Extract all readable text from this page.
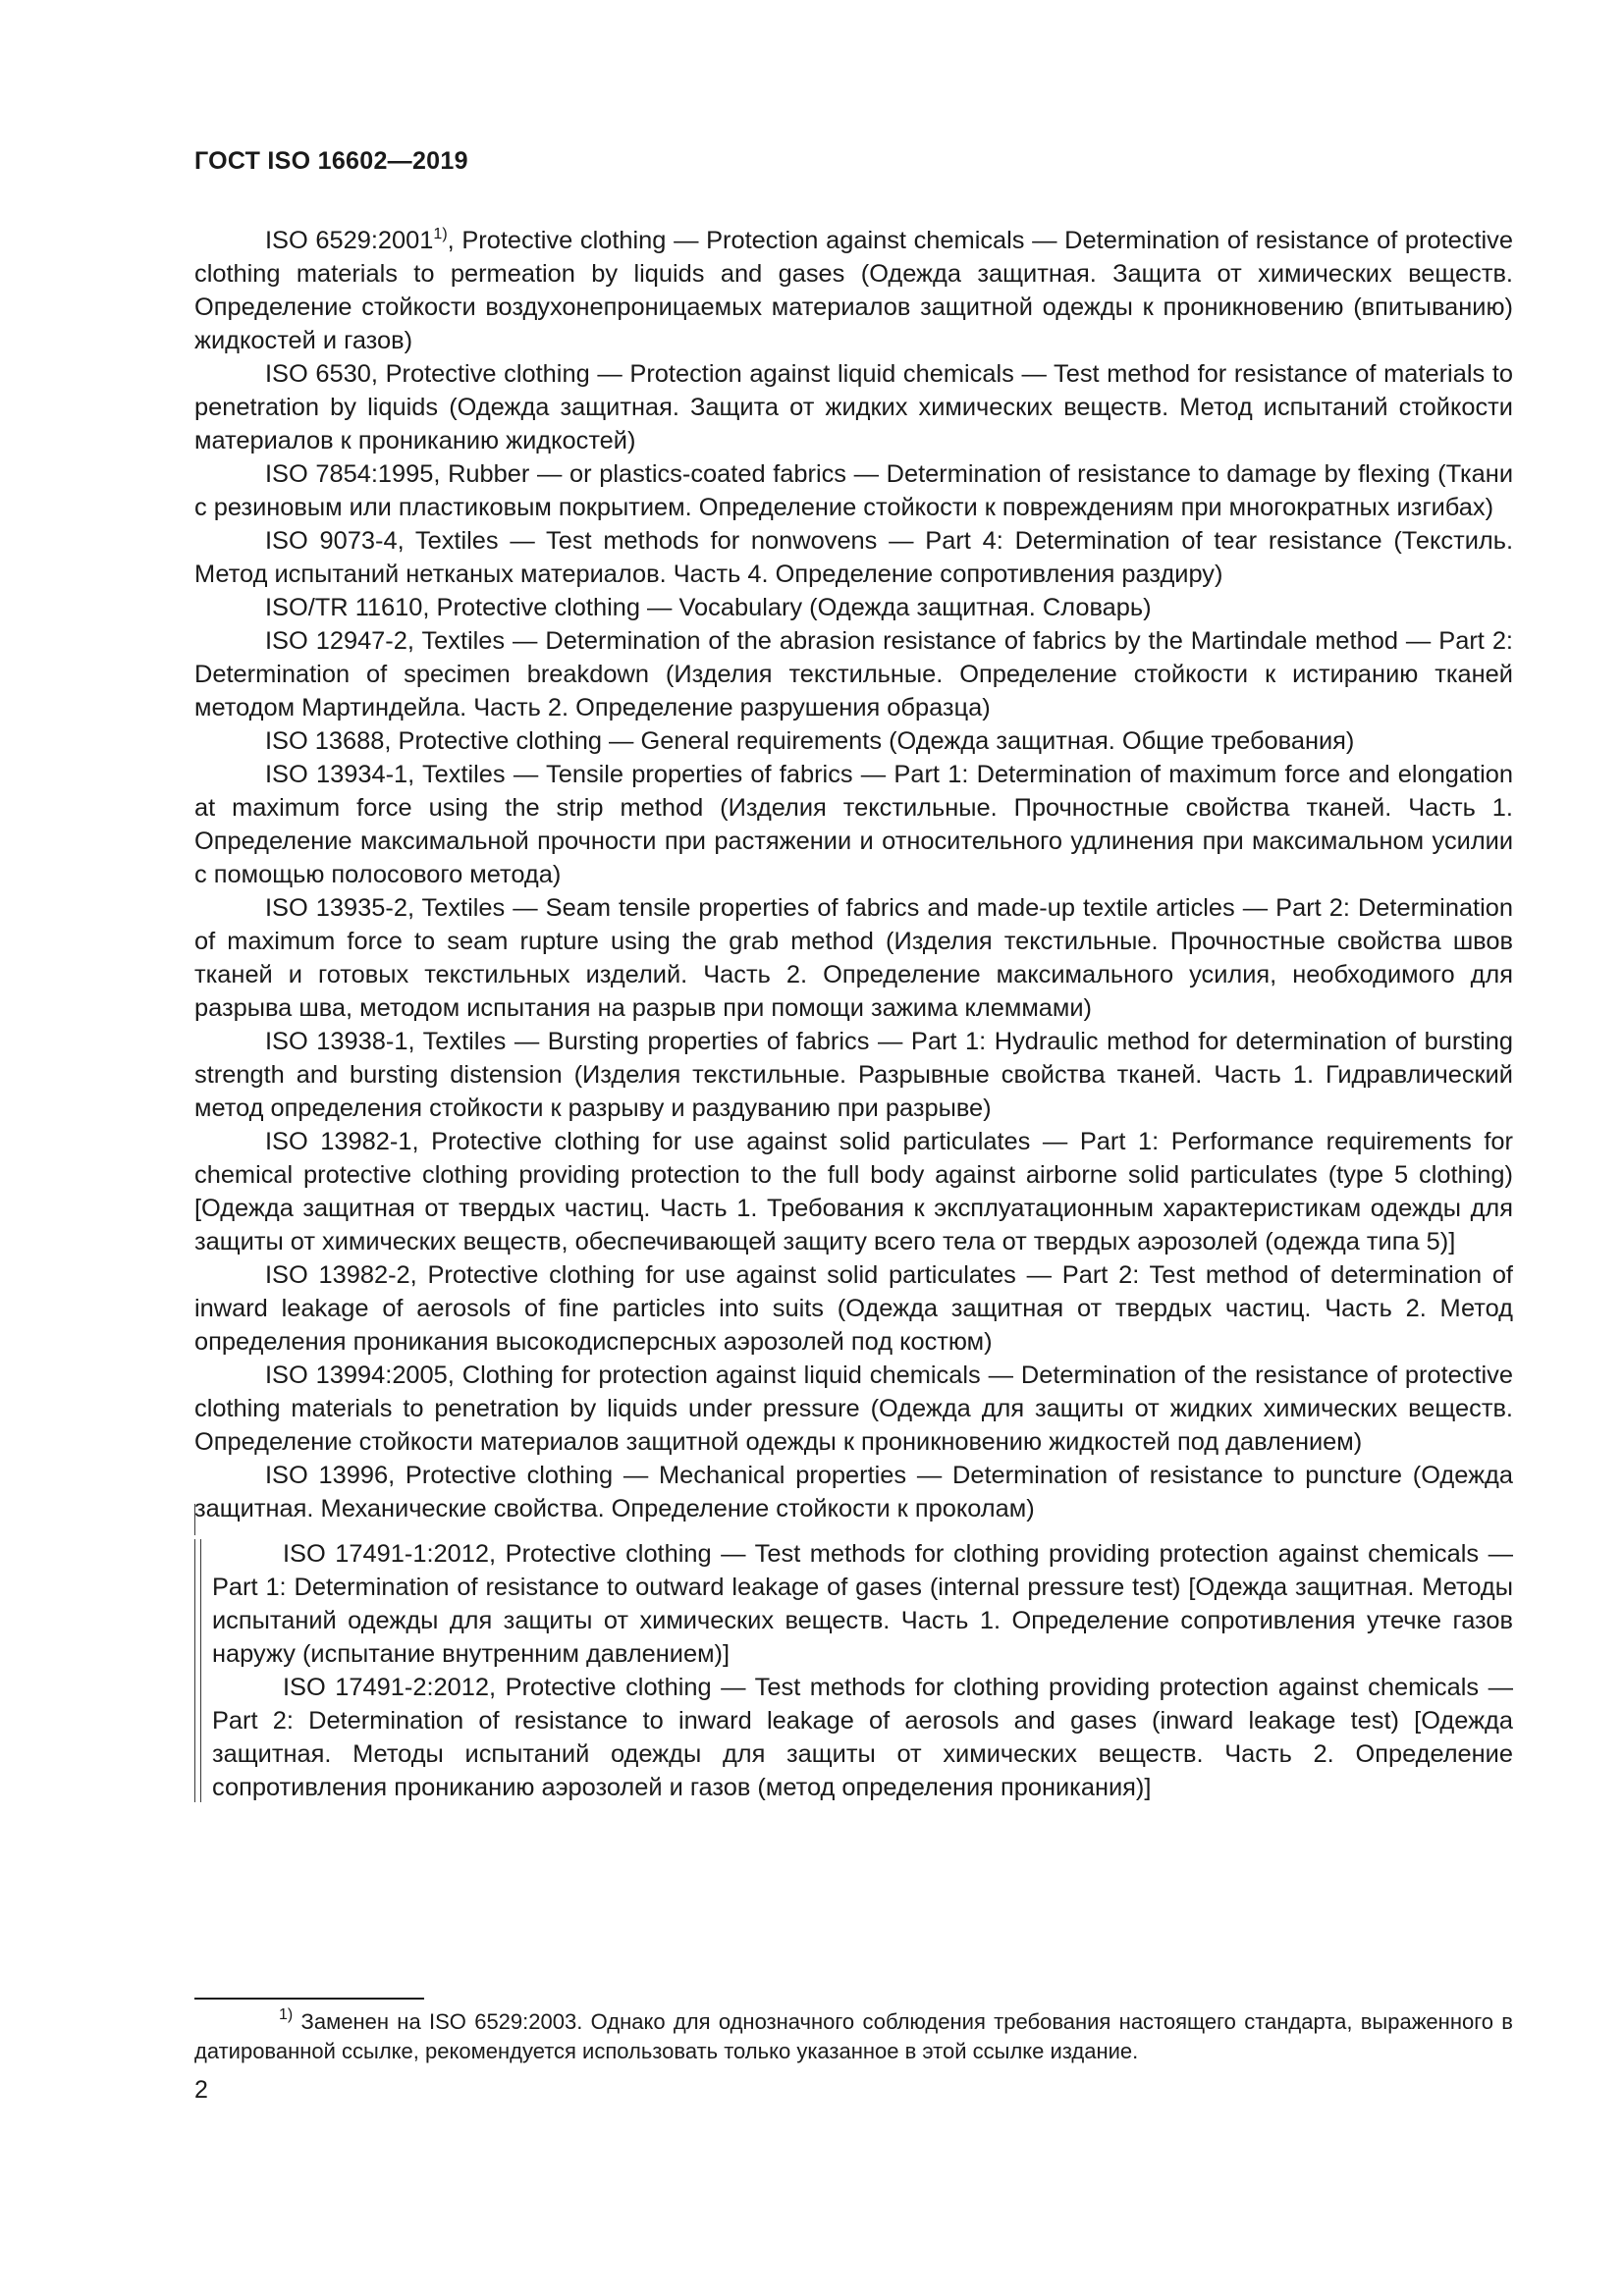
ГОСТ ISO 16602—2019

ISO 6529:2001$^{1)}$, Protective clothing — Protection against chemicals — Determination of resistance of protective clothing materials to permeation by liquids and gases (Одежда защитная. Защита от химических веществ. Определение стойкости воздухонепроницаемых материалов защитной одежды к проникновению (впитыванию) жидкостей и газов)

ISO 6530, Protective clothing — Protection against liquid chemicals — Test method for resistance of materials to penetration by liquids (Одежда защитная. Защита от жидких химических веществ. Метод испытаний стойкости материалов к прониканию жидкостей)

ISO 7854:1995, Rubber — or plastics-coated fabrics — Determination of resistance to damage by flexing (Ткани с резиновым или пластиковым покрытием. Определение стойкости к повреждениям при многократных изгибах)

ISO 9073-4, Textiles — Test methods for nonwovens — Part 4: Determination of tear resistance (Текстиль. Метод испытаний нетканых материалов. Часть 4. Определение сопротивления раздиру)

ISO/TR 11610, Protective clothing — Vocabulary (Одежда защитная. Словарь)

ISO 12947-2, Textiles — Determination of the abrasion resistance of fabrics by the Martindale method — Part 2: Determination of specimen breakdown (Изделия текстильные. Определение стойкости к истиранию тканей методом Мартиндейла. Часть 2. Определение разрушения образца)

ISO 13688, Protective clothing — General requirements (Одежда защитная. Общие требования)

ISO 13934-1, Textiles — Tensile properties of fabrics — Part 1: Determination of maximum force and elongation at maximum force using the strip method (Изделия текстильные. Прочностные свойства тканей. Часть 1. Определение максимальной прочности при растяжении и относительного удлинения при максимальном усилии с помощью полосового метода)

ISO 13935-2, Textiles — Seam tensile properties of fabrics and made-up textile articles — Part 2: Determination of maximum force to seam rupture using the grab method (Изделия текстильные. Прочностные свойства швов тканей и готовых текстильных изделий. Часть 2. Определение максимального усилия, необходимого для разрыва шва, методом испытания на разрыв при помощи зажима клеммами)

ISO 13938-1, Textiles — Bursting properties of fabrics — Part 1: Hydraulic method for determination of bursting strength and bursting distension (Изделия текстильные. Разрывные свойства тканей. Часть 1. Гидравлический метод определения стойкости к разрыву и раздуванию при разрыве)

ISO 13982-1, Protective clothing for use against solid particulates — Part 1: Performance requirements for chemical protective clothing providing protection to the full body against airborne solid particulates (type 5 clothing) [Одежда защитная от твердых частиц. Часть 1. Требования к эксплуатационным характеристикам одежды для защиты от химических веществ, обеспечивающей защиту всего тела от твердых аэрозолей (одежда типа 5)]

ISO 13982-2, Protective clothing for use against solid particulates — Part 2: Test method of determination of inward leakage of aerosols of fine particles into suits (Одежда защитная от твердых частиц. Часть 2. Метод определения проникания высокодисперсных аэрозолей под костюм)

ISO 13994:2005, Clothing for protection against liquid chemicals — Determination of the resistance of protective clothing materials to penetration by liquids under pressure (Одежда для защиты от жидких химических веществ. Определение стойкости материалов защитной одежды к проникновению жидкостей под давлением)

ISO 13996, Protective clothing — Mechanical properties — Determination of resistance to puncture (Одежда защитная. Механические свойства. Определение стойкости к проколам)

ISO 17491-1:2012, Protective clothing — Test methods for clothing providing protection against chemicals — Part 1: Determination of resistance to outward leakage of gases (internal pressure test) [Одежда защитная. Методы испытаний одежды для защиты от химических веществ. Часть 1. Определение сопротивления утечке газов наружу (испытание внутренним давлением)]

ISO 17491-2:2012, Protective clothing — Test methods for clothing providing protection against chemicals — Part 2: Determination of resistance to inward leakage of aerosols and gases (inward leakage test) [Одежда защитная. Методы испытаний одежды для защиты от химических веществ. Часть 2. Определение сопротивления прониканию аэрозолей и газов (метод определения проникания)]

$^{1)}$ Заменен на ISO 6529:2003. Однако для однозначного соблюдения требования настоящего стандарта, выраженного в датированной ссылке, рекомендуется использовать только указанное в этой ссылке издание.

2
